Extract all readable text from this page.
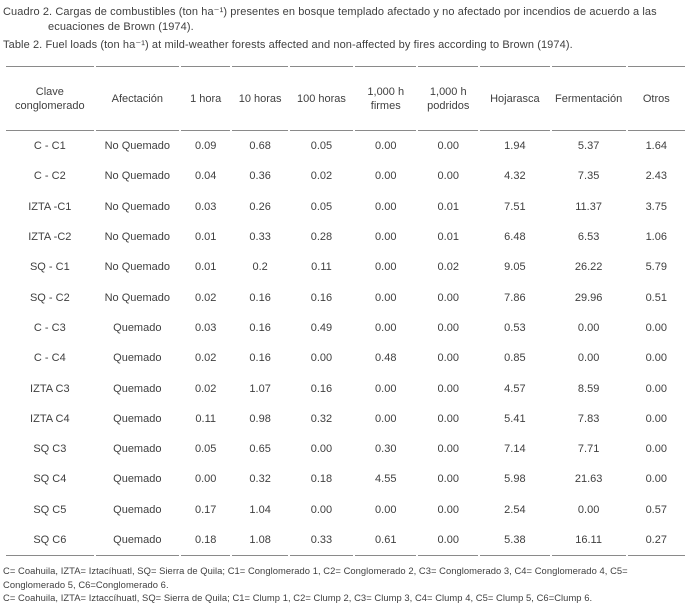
Cuadro 2. Cargas de combustibles (ton ha⁻¹) presentes en bosque templado afectado y no afectado por incendios de acuerdo a las
ecuaciones de Brown (1974).
Table 2. Fuel loads (ton ha⁻¹) at mild-weather forests affected and non-affected by fires according to Brown (1974).
Clave conglomerado	Afectación	1 hora	10 horas	100 horas	1,000 h firmes	1,000 h podridos	Hojarasca	Fermentación	Otros
C - C1	No Quemado	0.09	0.68	0.05	0.00	0.00	1.94	5.37	1.64
C - C2	No Quemado	0.04	0.36	0.02	0.00	0.00	4.32	7.35	2.43
IZTA -C1	No Quemado	0.03	0.26	0.05	0.00	0.01	7.51	11.37	3.75
IZTA -C2	No Quemado	0.01	0.33	0.28	0.00	0.01	6.48	6.53	1.06
SQ - C1	No Quemado	0.01	0.2	0.11	0.00	0.02	9.05	26.22	5.79
SQ - C2	No Quemado	0.02	0.16	0.16	0.00	0.00	7.86	29.96	0.51
C - C3	Quemado	0.03	0.16	0.49	0.00	0.00	0.53	0.00	0.00
C - C4	Quemado	0.02	0.16	0.00	0.48	0.00	0.85	0.00	0.00
IZTA C3	Quemado	0.02	1.07	0.16	0.00	0.00	4.57	8.59	0.00
IZTA C4	Quemado	0.11	0.98	0.32	0.00	0.00	5.41	7.83	0.00
SQ C3	Quemado	0.05	0.65	0.00	0.30	0.00	7.14	7.71	0.00
SQ C4	Quemado	0.00	0.32	0.18	4.55	0.00	5.98	21.63	0.00
SQ C5	Quemado	0.17	1.04	0.00	0.00	0.00	2.54	0.00	0.57
SQ C6	Quemado	0.18	1.08	0.33	0.61	0.00	5.38	16.11	0.27

C= Coahuila, IZTA= Iztacíhuatl, SQ= Sierra de Quila; C1= Conglomerado 1, C2= Conglomerado 2, C3= Conglomerado 3, C4= Conglomerado 4, C5= Conglomerado 5, C6=Conglomerado 6.

C= Coahuila, IZTA= Iztaccíhuatl, SQ= Sierra de Quila; C1= Clump 1, C2= Clump 2, C3= Clump 3, C4= Clump 4, C5= Clump 5, C6=Clump 6.
